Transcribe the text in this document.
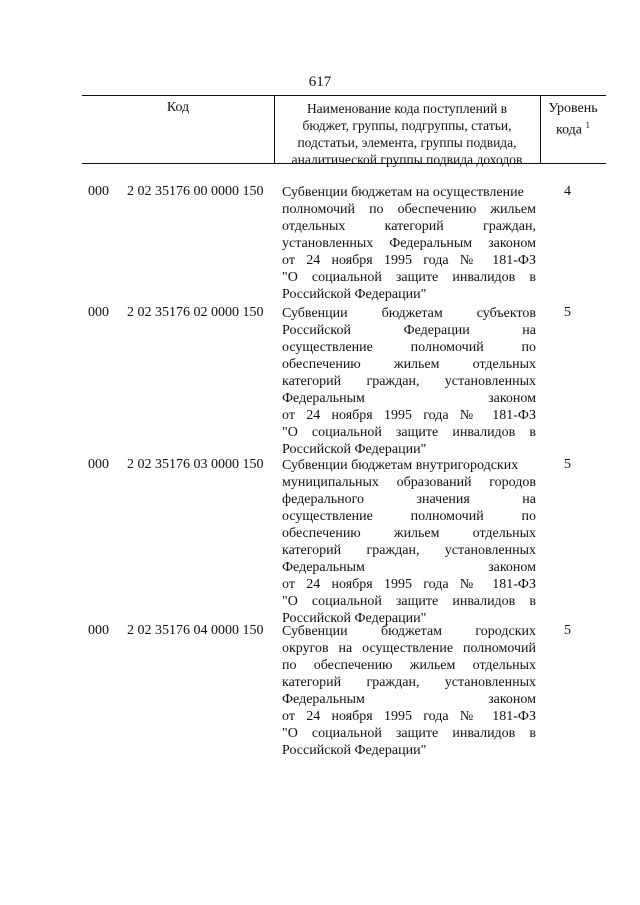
617
Код	Наименование кода поступлений в
бюджет, группы, подгруппы, статьи,
подстатьи, элемента, группы подвида,
аналитической группы подвида доходов
Уровень
кода $^1$
000 2 02 35176 00 0000 150 Субвенции бюджетам на осуществление
полномочий по обеспечению жильем
отдельных категорий граждан,
установленных Федеральным законом
от 24 ноября 1995 года № 181-ФЗ
"О социальной защите инвалидов в
Российской Федерации"
4
000 2 02 35176 02 0000 150 Субвенции бюджетам субъектов
Российской Федерации на
осуществление полномочий по
обеспечению жильем отдельных
категорий граждан, установленных
Федеральным законом
от 24 ноября 1995 года № 181-ФЗ
"О социальной защите инвалидов в
Российской Федерации"
5
000 2 02 35176 03 0000 150 Субвенции бюджетам внутригородских
муниципальных образований городов
федерального значения на
осуществление полномочий по
обеспечению жильем отдельных
категорий граждан, установленных
Федеральным законом
от 24 ноября 1995 года № 181-ФЗ
"О социальной защите инвалидов в
Российской Федерации"
5
000 2 02 35176 04 0000 150 Субвенции бюджетам городских
округов на осуществление полномочий
по обеспечению жильем отдельных
категорий граждан, установленных
Федеральным законом
от 24 ноября 1995 года № 181-ФЗ
"О социальной защите инвалидов в
Российской Федерации"
5
